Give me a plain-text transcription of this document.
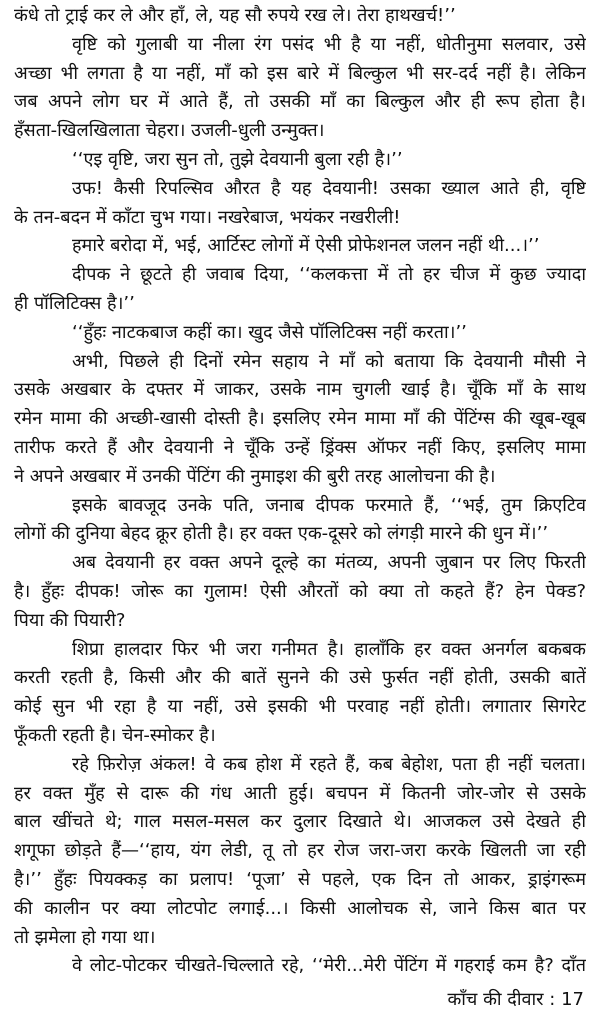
कंधे तो ट्राई कर ले और हाँ, ले, यह सौ रुपये रख ले। तेरा हाथखर्च!’’
वृष्टि को गुलाबी या नीला रंग पसंद भी है या नहीं, धोतीनुमा सलवार, उसे
अच्छा भी लगता है या नहीं, माँ को इस बारे में बिल्कुल भी सर-दर्द नहीं है। लेकिन
जब अपने लोग घर में आते हैं, तो उसकी माँ का बिल्कुल और ही रूप होता है।
हँसता-खिलखिलाता चेहरा। उजली-धुली उन्मुक्त।
‘‘एइ वृष्टि, जरा सुन तो, तुझे देवयानी बुला रही है।’’
उफ! कैसी रिपल्सिव औरत है यह देवयानी! उसका ख्याल आते ही, वृष्टि
के तन-बदन में काँटा चुभ गया। नखरेबाज, भयंकर नखरीली!
हमारे बरोदा में, भई, आर्टिस्ट लोगों में ऐसी प्रोफेशनल जलन नहीं थी...।’’
दीपक ने छूटते ही जवाब दिया, ‘‘कलकत्ता में तो हर चीज में कुछ ज्यादा
ही पॉलिटिक्स है।’’
‘‘हुँहः नाटकबाज कहीं का। खुद जैसे पॉलिटिक्स नहीं करता।’’
अभी, पिछले ही दिनों रमेन सहाय ने माँ को बताया कि देवयानी मौसी ने
उसके अखबार के दफ्तर में जाकर, उसके नाम चुगली खाई है। चूँकि माँ के साथ
रमेन मामा की अच्छी-खासी दोस्ती है। इसलिए रमेन मामा माँ की पेंटिंग्स की खूब-खूब
तारीफ करते हैं और देवयानी ने चूँकि उन्हें ड्रिंक्स ऑफर नहीं किए, इसलिए मामा
ने अपने अखबार में उनकी पेंटिंग की नुमाइश की बुरी तरह आलोचना की है।
इसके बावजूद उनके पति, जनाब दीपक फरमाते हैं, ‘‘भई, तुम क्रिएटिव
लोगों की दुनिया बेहद क्रूर होती है। हर वक्त एक-दूसरे को लंगड़ी मारने की धुन में।’’
अब देवयानी हर वक्त अपने दूल्हे का मंतव्य, अपनी जुबान पर लिए फिरती
है। हुँहः दीपक! जोरू का गुलाम! ऐसी औरतों को क्या तो कहते हैं? हेन पेक्ड?
पिया की पियारी?
शिप्रा हालदार फिर भी जरा गनीमत है। हालाँकि हर वक्त अनर्गल बकबक
करती रहती है, किसी और की बातें सुनने की उसे फुर्सत नहीं होती, उसकी बातें
कोई सुन भी रहा है या नहीं, उसे इसकी भी परवाह नहीं होती। लगातार सिगरेट
फूँकती रहती है। चेन-स्मोकर है।
रहे फ़िरोज़ अंकल! वे कब होश में रहते हैं, कब बेहोश, पता ही नहीं चलता।
हर वक्त मुँह से दारू की गंध आती हुई। बचपन में कितनी जोर-जोर से उसके
बाल खींचते थे; गाल मसल-मसल कर दुलार दिखाते थे। आजकल उसे देखते ही
शगूफा छोड़ते हैं—‘‘हाय, यंग लेडी, तू तो हर रोज जरा-जरा करके खिलती जा रही
है।’’ हुँहः पियक्कड़ का प्रलाप! ‘पूजा’ से पहले, एक दिन तो आकर, ड्राइंगरूम
की कालीन पर क्या लोटपोट लगाई...। किसी आलोचक से, जाने किस बात पर
तो झमेला हो गया था।
वे लोट-पोटकर चीखते-चिल्लाते रहे, ‘‘मेरी...मेरी पेंटिंग में गहराई कम है? दाँत
काँच की दीवार : 17
